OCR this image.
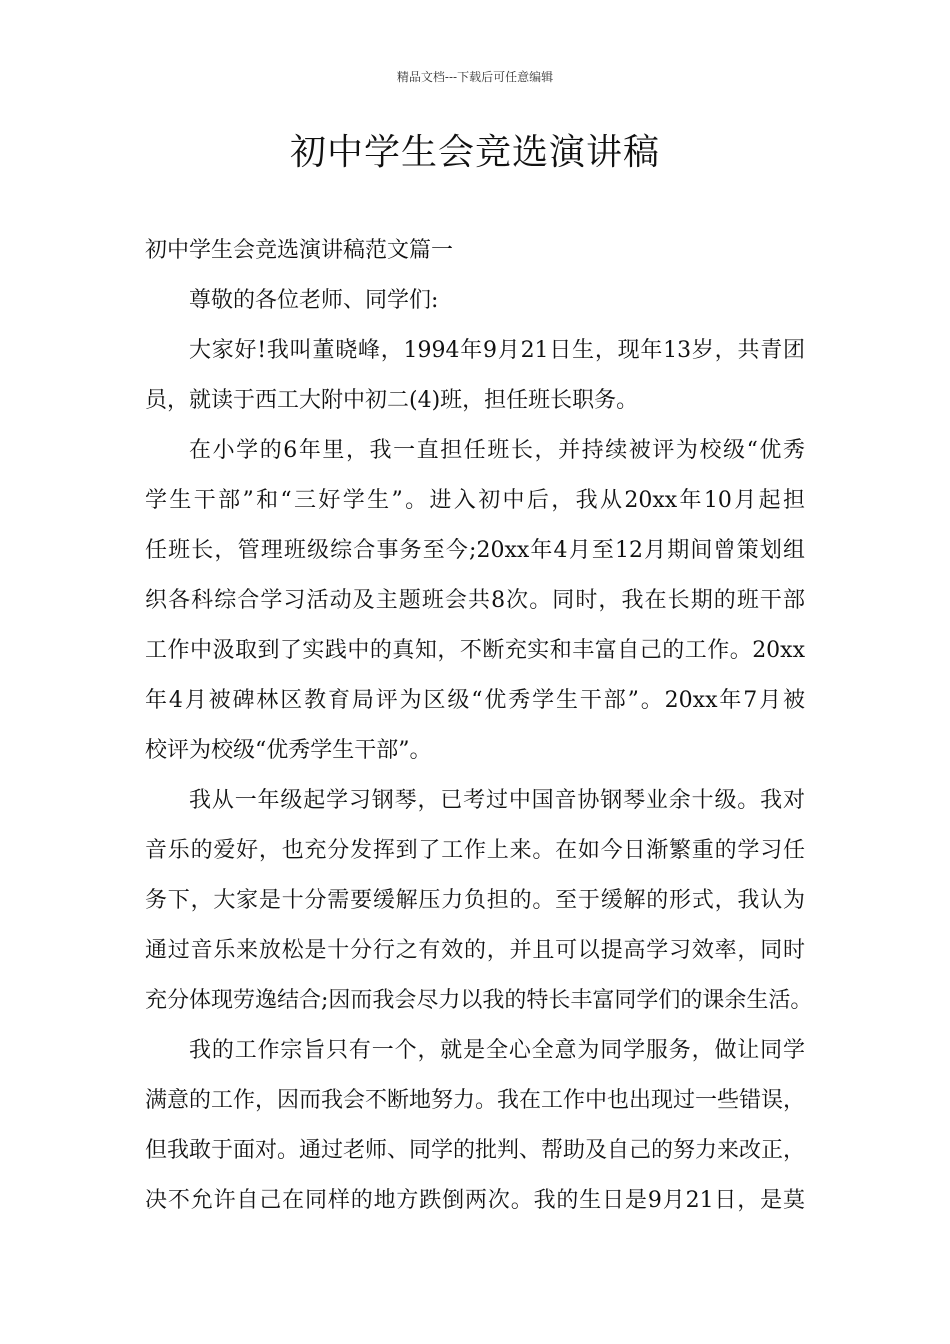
精品文档---下载后可任意编辑
初中学生会竞选演讲稿
初中学生会竞选演讲稿范文篇一
尊敬的各位老师、同学们:
大家好!我叫董晓峰，1994年9月21日生，现年13岁，共青团
员，就读于西工大附中初二(4)班，担任班长职务。
在小学的6年里，我一直担任班长，并持续被评为校级“优秀
学生干部”和“三好学生”。进入初中后，我从20xx年10月起担
任班长，管理班级综合事务至今;20xx年4月至12月期间曾策划组
织各科综合学习活动及主题班会共8次。同时，我在长期的班干部
工作中汲取到了实践中的真知，不断充实和丰富自己的工作。20xx
年4月被碑林区教育局评为区级“优秀学生干部”。20xx年7月被
校评为校级“优秀学生干部”。
我从一年级起学习钢琴，已考过中国音协钢琴业余十级。我对
音乐的爱好，也充分发挥到了工作上来。在如今日渐繁重的学习任
务下，大家是十分需要缓解压力负担的。至于缓解的形式，我认为
通过音乐来放松是十分行之有效的，并且可以提高学习效率，同时
充分体现劳逸结合;因而我会尽力以我的特长丰富同学们的课余生活。
我的工作宗旨只有一个，就是全心全意为同学服务，做让同学
满意的工作，因而我会不断地努力。我在工作中也出现过一些错误，
但我敢于面对。通过老师、同学的批判、帮助及自己的努力来改正，
决不允许自己在同样的地方跌倒两次。我的生日是9月21日，是莫
